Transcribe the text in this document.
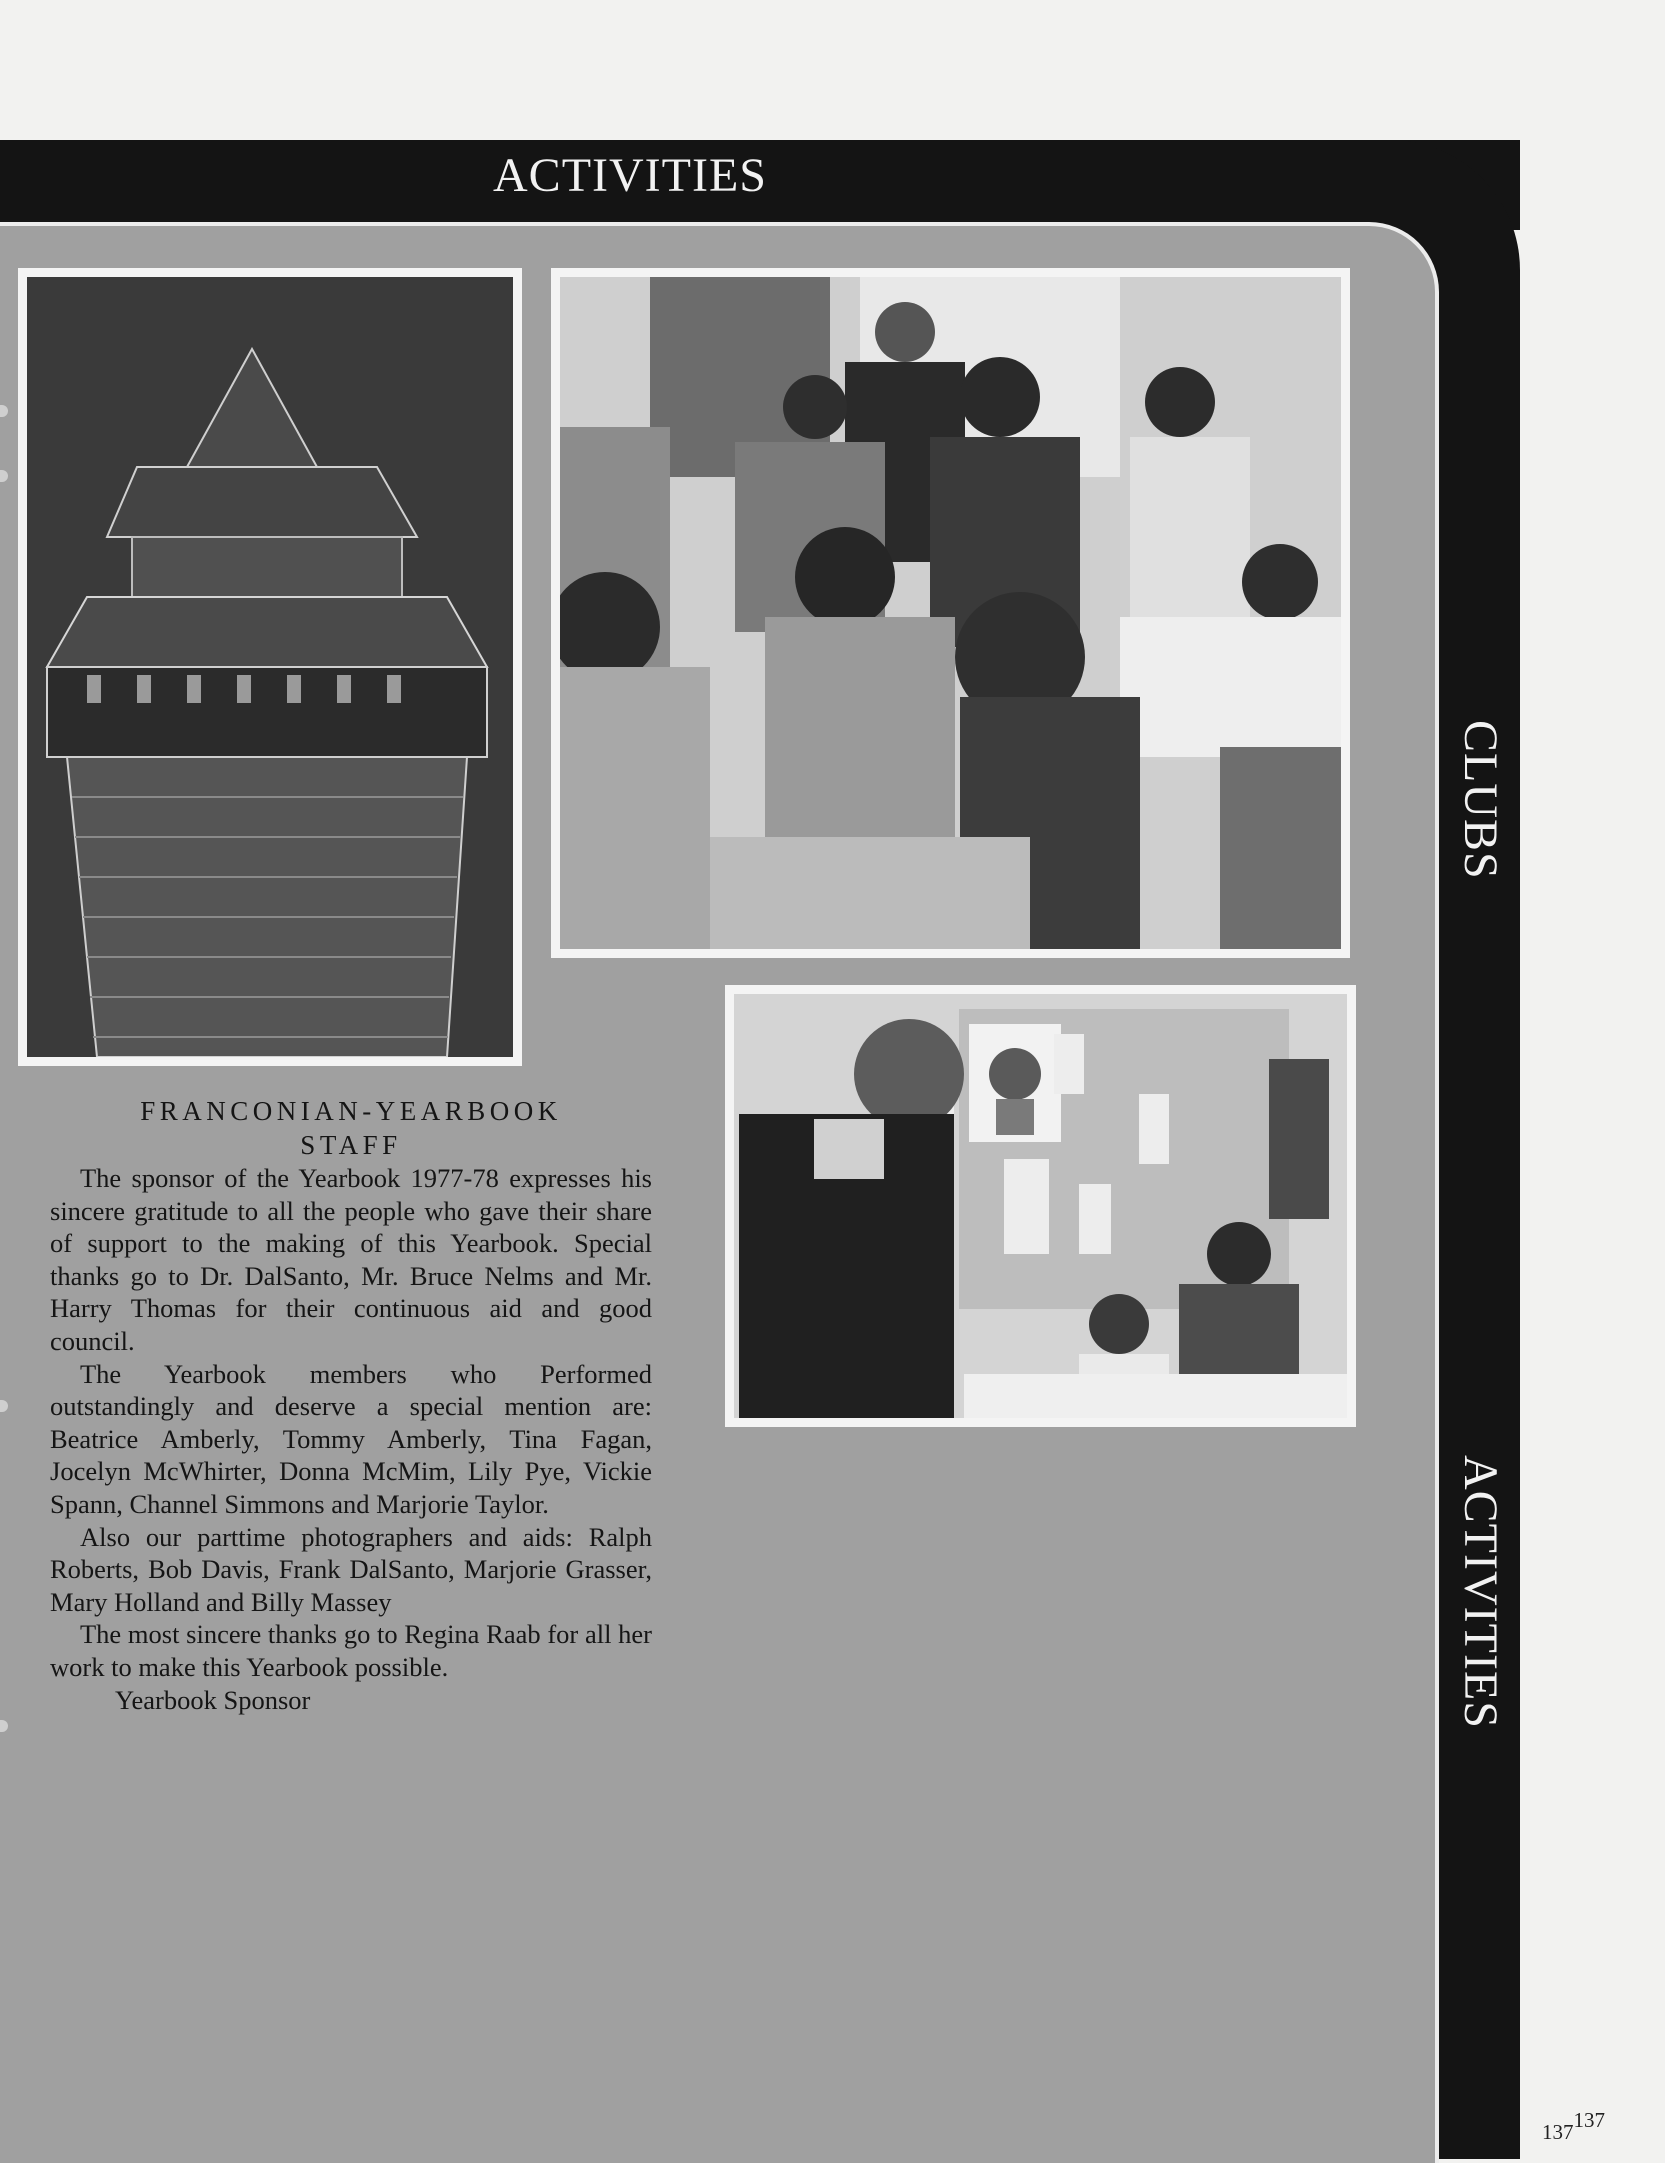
ACTIVITIES
CLUBS
ACTIVITIES
FRANCONIAN-YEARBOOK
STAFF

The sponsor of the Yearbook 1977-78 expresses his sincere gratitude to all the people who gave their share of support to the making of this Yearbook. Special thanks go to Dr. DalSanto, Mr. Bruce Nelms and Mr. Harry Thomas for their continuous aid and good council.

The Yearbook members who Performed outstandingly and deserve a special mention are: Beatrice Amberly, Tommy Amberly, Tina Fagan, Jocelyn McWhirter, Donna McMim, Lily Pye, Vickie Spann, Channel Simmons and Marjorie Taylor.

Also our parttime photographers and aids: Ralph Roberts, Bob Davis, Frank DalSanto, Marjorie Grasser, Mary Holland and Billy Massey

The most sincere thanks go to Regina Raab for all her work to make this Yearbook possible.

Yearbook Sponsor

$137^{137}$
